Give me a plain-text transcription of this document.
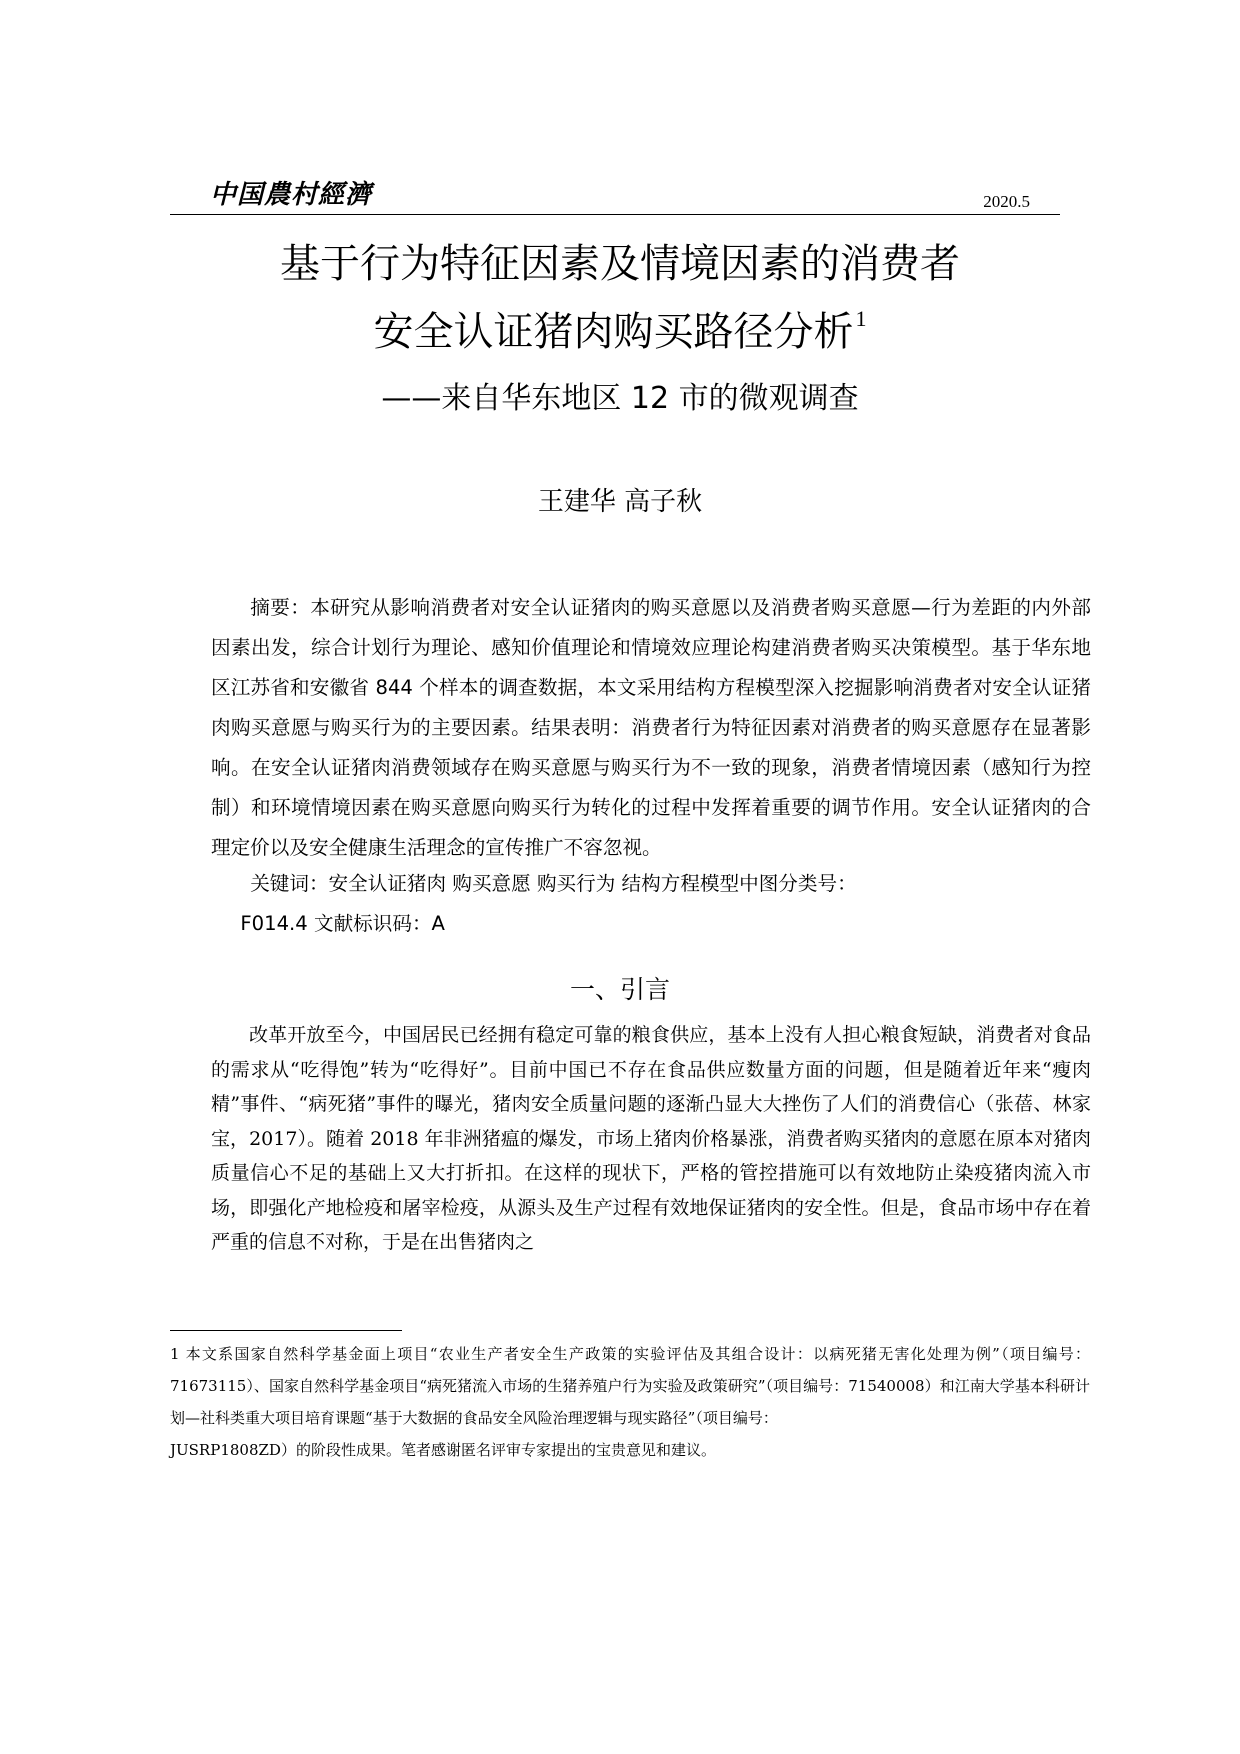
中国農村經濟	2020.5
基于行为特征因素及情境因素的消费者
安全认证猪肉购买路径分析$^1$
——来自华东地区 12 市的微观调查
王建华 高子秋

摘要：本研究从影响消费者对安全认证猪肉的购买意愿以及消费者购买意愿—行为差距的内外部因素出发，综合计划行为理论、感知价值理论和情境效应理论构建消费者购买决策模型。基于华东地区江苏省和安徽省 844 个样本的调查数据，本文采用结构方程模型深入挖掘影响消费者对安全认证猪肉购买意愿与购买行为的主要因素。结果表明：消费者行为特征因素对消费者的购买意愿存在显著影响。在安全认证猪肉消费领域存在购买意愿与购买行为不一致的现象，消费者情境因素（感知行为控制）和环境情境因素在购买意愿向购买行为转化的过程中发挥着重要的调节作用。安全认证猪肉的合理定价以及安全健康生活理念的宣传推广不容忽视。

关键词：安全认证猪肉 购买意愿 购买行为 结构方程模型中图分类号：

F014.4 文献标识码：A

一、引言

改革开放至今，中国居民已经拥有稳定可靠的粮食供应，基本上没有人担心粮食短缺，消费者对食品的需求从“吃得饱”转为“吃得好”。目前中国已不存在食品供应数量方面的问题，但是随着近年来“瘦肉精”事件、“病死猪”事件的曝光，猪肉安全质量问题的逐渐凸显大大挫伤了人们的消费信心（张蓓、林家宝，2017）。随着 2018 年非洲猪瘟的爆发，市场上猪肉价格暴涨，消费者购买猪肉的意愿在原本对猪肉质量信心不足的基础上又大打折扣。在这样的现状下，严格的管控措施可以有效地防止染疫猪肉流入市场，即强化产地检疫和屠宰检疫，从源头及生产过程有效地保证猪肉的安全性。但是，食品市场中存在着严重的信息不对称，于是在出售猪肉之

1 本文系国家自然科学基金面上项目“农业生产者安全生产政策的实验评估及其组合设计：以病死猪无害化处理为例”（项目编号：71673115）、国家自然科学基金项目“病死猪流入市场的生猪养殖户行为实验及政策研究”（项目编号：71540008）和江南大学基本科研计划—社科类重大项目培育课题“基于大数据的食品安全风险治理逻辑与现实路径”（项目编号：

JUSRP1808ZD）的阶段性成果。笔者感谢匿名评审专家提出的宝贵意见和建议。
